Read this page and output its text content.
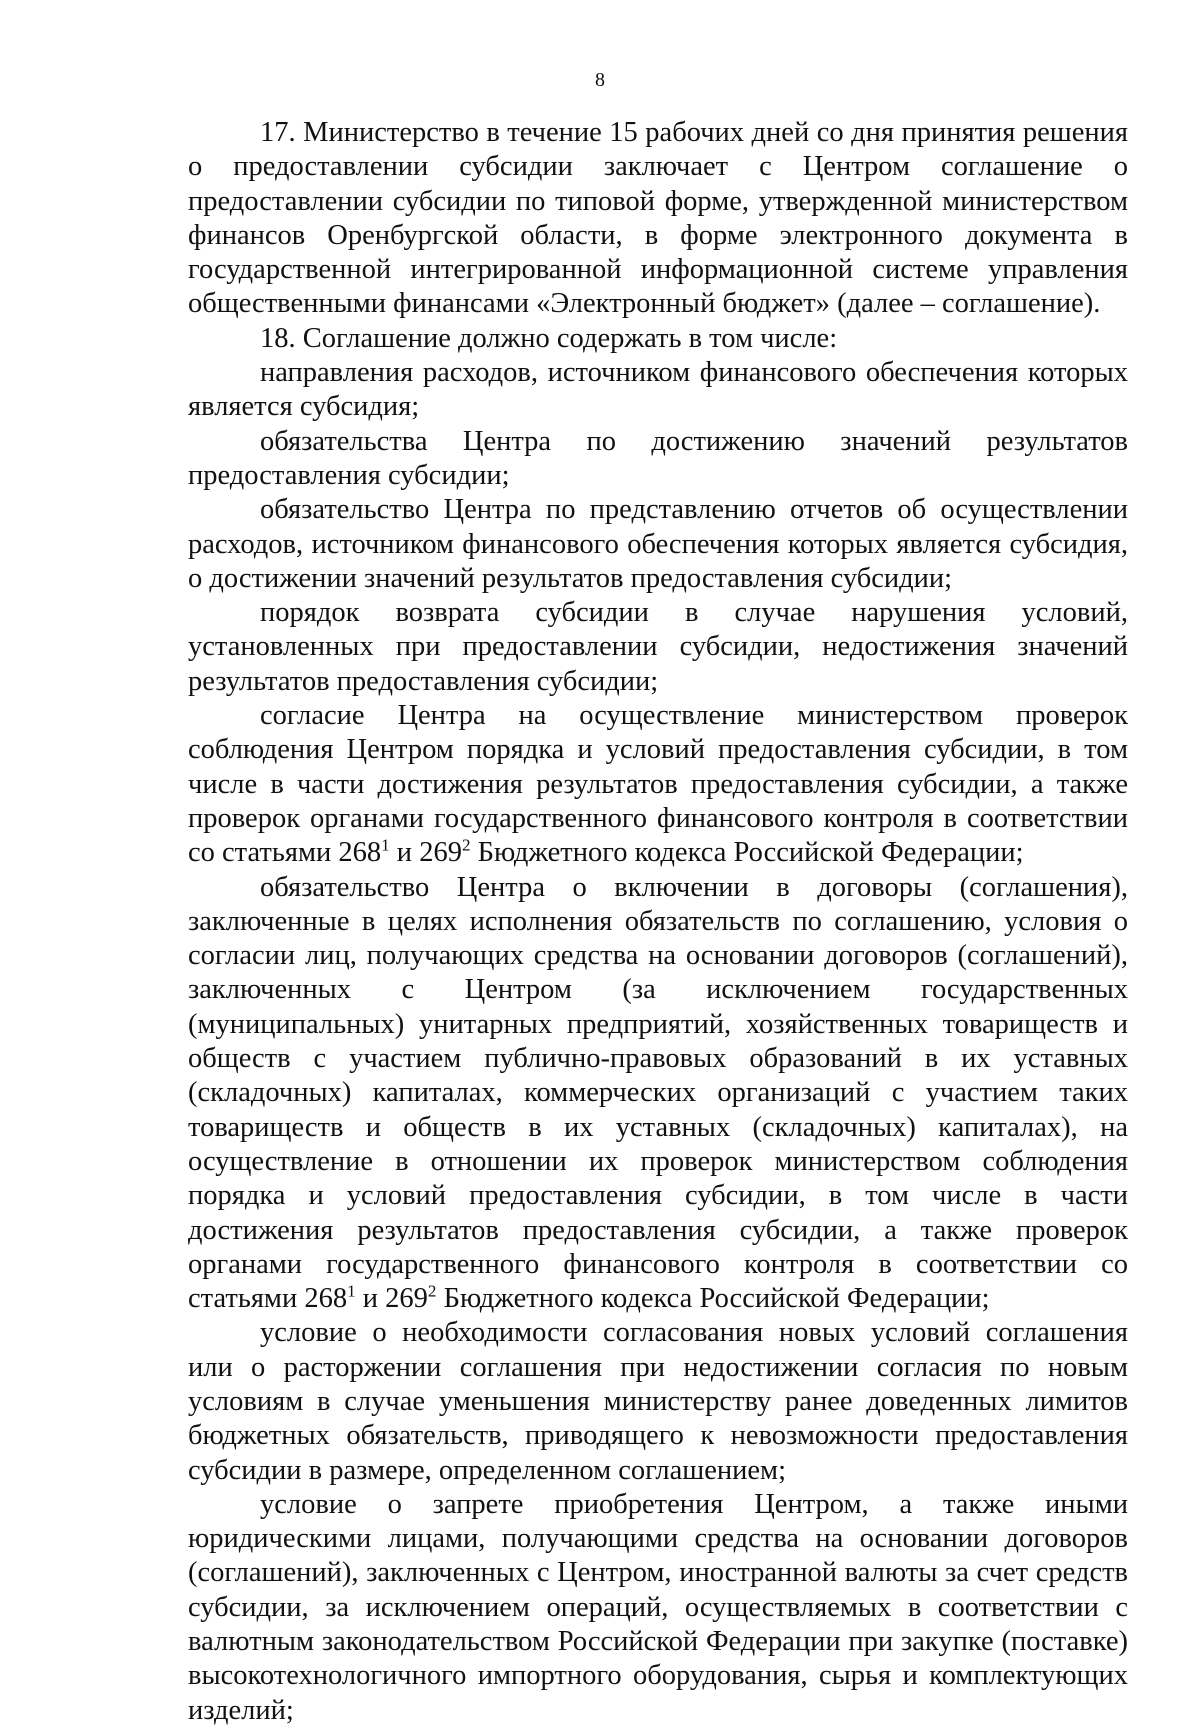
8

17. Министерство в течение 15 рабочих дней со дня принятия решения о предоставлении субсидии заключает с Центром соглашение о предоставлении субсидии по типовой форме, утвержденной министерством финансов Оренбургской области, в форме электронного документа в государственной интегрированной информационной системе управления общественными финансами «Электронный бюджет» (далее – соглашение).

18. Соглашение должно содержать в том числе:

направления расходов, источником финансового обеспечения которых является субсидия;

обязательства Центра по достижению значений результатов предоставления субсидии;

обязательство Центра по представлению отчетов об осуществлении расходов, источником финансового обеспечения которых является субсидия, о достижении значений результатов предоставления субсидии;

порядок возврата субсидии в случае нарушения условий, установленных при предоставлении субсидии, недостижения значений результатов предоставления субсидии;

согласие Центра на осуществление министерством проверок соблюдения Центром порядка и условий предоставления субсидии, в том числе в части достижения результатов предоставления субсидии, а также проверок органами государственного финансового контроля в соответствии со статьями $268^1$ и $269^2$ Бюджетного кодекса Российской Федерации;

обязательство Центра о включении в договоры (соглашения), заключенные в целях исполнения обязательств по соглашению, условия о согласии лиц, получающих средства на основании договоров (соглашений), заключенных с Центром (за исключением государственных (муниципальных) унитарных предприятий, хозяйственных товариществ и обществ с участием публично-правовых образований в их уставных (складочных) капиталах, коммерческих организаций с участием таких товариществ и обществ в их уставных (складочных) капиталах), на осуществление в отношении их проверок министерством соблюдения порядка и условий предоставления субсидии, в том числе в части достижения результатов предоставления субсидии, а также проверок органами государственного финансового контроля в соответствии со статьями $268^1$ и $269^2$ Бюджетного кодекса Российской Федерации;

условие о необходимости согласования новых условий соглашения или о расторжении соглашения при недостижении согласия по новым условиям в случае уменьшения министерству ранее доведенных лимитов бюджетных обязательств, приводящего к невозможности предоставления субсидии в размере, определенном соглашением;

условие о запрете приобретения Центром, а также иными юридическими лицами, получающими средства на основании договоров (соглашений), заключенных с Центром, иностранной валюты за счет средств субсидии, за исключением операций, осуществляемых в соответствии с валютным законодательством Российской Федерации при закупке (поставке) высокотехнологичного импортного оборудования, сырья и комплектующих изделий;
